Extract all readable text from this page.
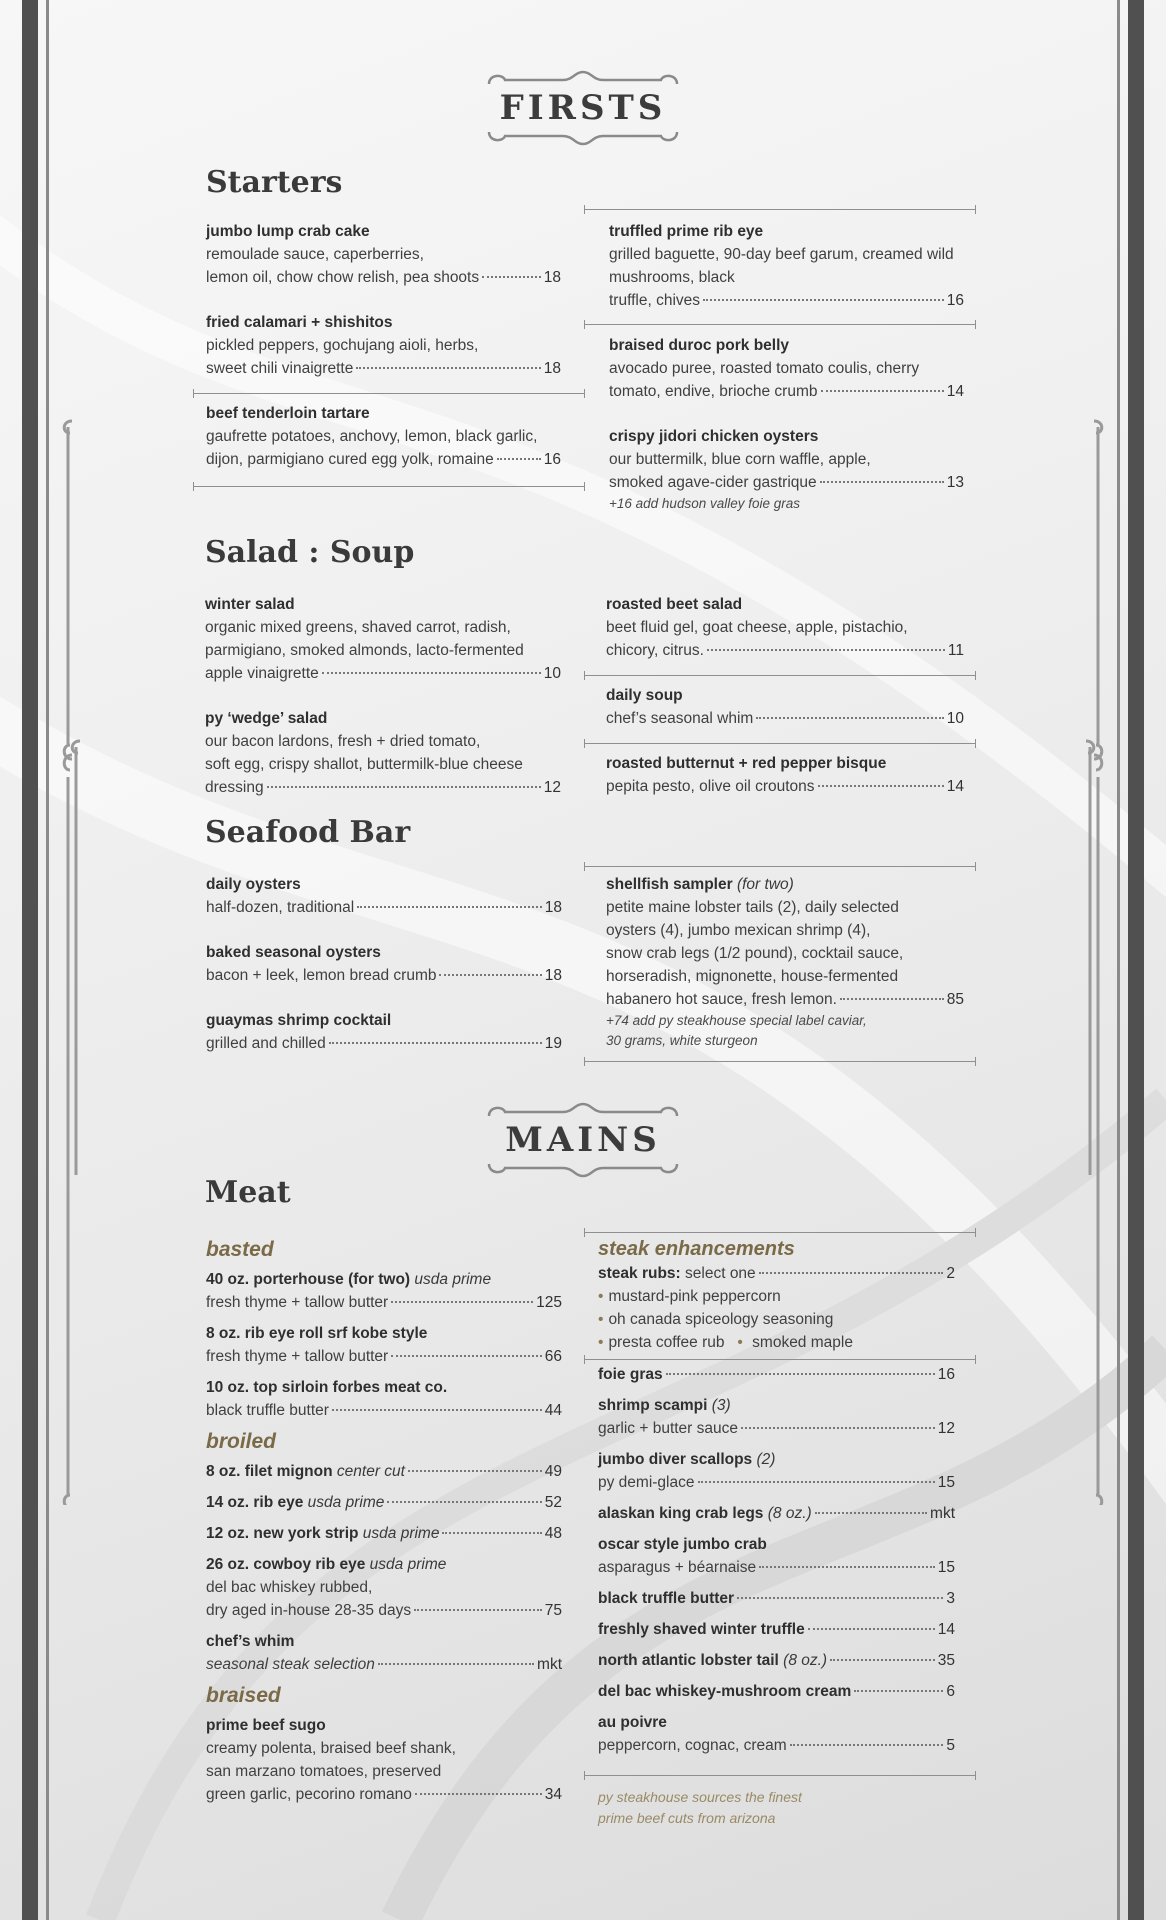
FIRSTS
Starters
jumbo lump crab cake
remoulade sauce, caperberries,
lemon oil, chow chow relish, pea shoots	18
fried calamari + shishitos
pickled peppers, gochujang aioli, herbs,
sweet chili vinaigrette	18
beef tenderloin tartare
gaufrette potatoes, anchovy, lemon, black garlic,
dijon, parmigiano cured egg yolk, romaine	16
truffled prime rib eye
grilled baguette, 90-day beef garum, creamed wild
mushrooms, black
truffle, chives	16
braised duroc pork belly
avocado puree, roasted tomato coulis, cherry
tomato, endive, brioche crumb	14
crispy jidori chicken oysters
our buttermilk, blue corn waffle, apple,
smoked agave-cider gastrique	13
+16 add hudson valley foie gras
Salad : Soup
winter salad
organic mixed greens, shaved carrot, radish,
parmigiano, smoked almonds, lacto-fermented
apple vinaigrette	10
py ‘wedge’ salad
our bacon lardons, fresh + dried tomato,
soft egg, crispy shallot, buttermilk-blue cheese
dressing	12
roasted beet salad
beet fluid gel, goat cheese, apple, pistachio,
chicory, citrus.	11
daily soup
chef’s seasonal whim	10
roasted butternut + red pepper bisque
pepita pesto, olive oil croutons	14
Seafood Bar
daily oysters
half-dozen, traditional	18
baked seasonal oysters
bacon + leek, lemon bread crumb	18
guaymas shrimp cocktail
grilled and chilled	19
shellfish sampler (for two)
petite maine lobster tails (2), daily selected
oysters (4), jumbo mexican shrimp (4),
snow crab legs (1/2 pound), cocktail sauce,
horseradish, mignonette, house-fermented
habanero hot sauce, fresh lemon.	85
+74 add py steakhouse special label caviar,
30 grams, white sturgeon
MAINS
Meat
basted
40 oz. porterhouse (for two) usda prime
fresh thyme + tallow butter	125
8 oz. rib eye roll srf kobe style
fresh thyme + tallow butter	66
10 oz. top sirloin forbes meat co.
black truffle butter	44
broiled
8 oz. filet mignon
center cut	49
14 oz. rib eye
usda prime	52
12 oz. new york strip
usda prime	48
26 oz. cowboy rib eye usda prime
del bac whiskey rubbed,
dry aged in-house 28-35 days	75
chef’s whim
seasonal steak selection	mkt
braised
prime beef sugo
creamy polenta, braised beef shank,
san marzano tomatoes, preserved
green garlic, pecorino romano	34
steak enhancements
steak rubs:
select one	2
• mustard-pink peppercorn
• oh canada spiceology seasoning
• presta coffee rub • smoked maple
foie gras	16
shrimp scampi (3)
garlic + butter sauce	12
jumbo diver scallops (2)
py demi-glace	15
alaskan king crab legs
(8 oz.)	mkt
oscar style jumbo crab
asparagus + béarnaise	15
black truffle butter	3
freshly shaved winter truffle	14
north atlantic lobster tail
(8 oz.)	35
del bac whiskey-mushroom cream	6
au poivre
peppercorn, cognac, cream	5
py steakhouse sources the finest
prime beef cuts from arizona
